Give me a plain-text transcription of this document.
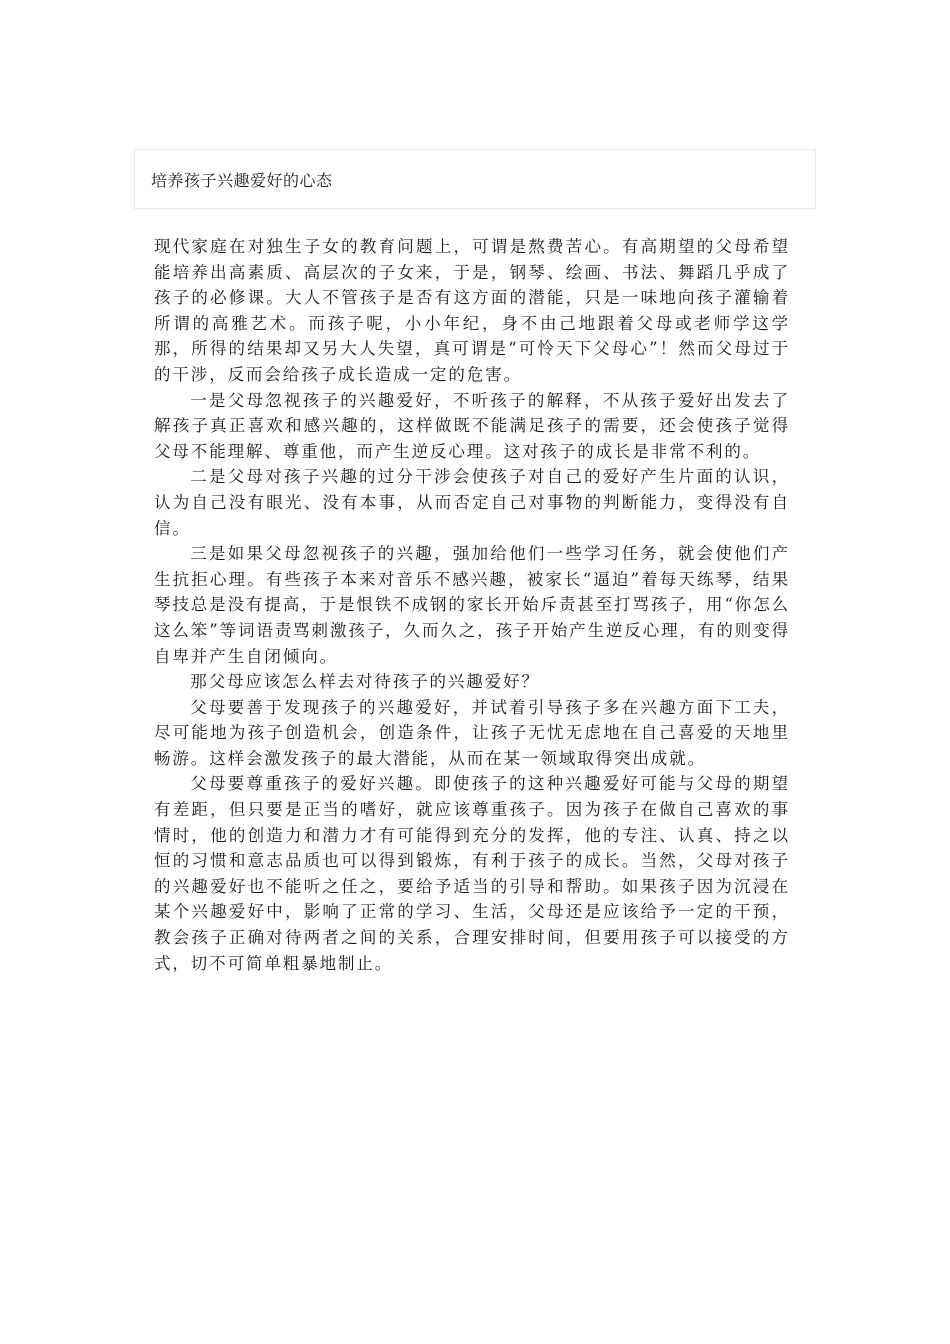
培养孩子兴趣爱好的心态

现代家庭在对独生子女的教育问题上，可谓是熬费苦心。有高期望的父母希望能培养出高素质、高层次的子女来，于是，钢琴、绘画、书法、舞蹈几乎成了孩子的必修课。大人不管孩子是否有这方面的潜能，只是一味地向孩子灌输着所谓的高雅艺术。而孩子呢，小小年纪，身不由己地跟着父母或老师学这学那，所得的结果却又另大人失望，真可谓是“可怜天下父母心”！然而父母过于的干涉，反而会给孩子成长造成一定的危害。

一是父母忽视孩子的兴趣爱好，不听孩子的解释，不从孩子爱好出发去了解孩子真正喜欢和感兴趣的，这样做既不能满足孩子的需要，还会使孩子觉得父母不能理解、尊重他，而产生逆反心理。这对孩子的成长是非常不利的。

二是父母对孩子兴趣的过分干涉会使孩子对自己的爱好产生片面的认识，认为自己没有眼光、没有本事，从而否定自己对事物的判断能力，变得没有自信。

三是如果父母忽视孩子的兴趣，强加给他们一些学习任务，就会使他们产生抗拒心理。有些孩子本来对音乐不感兴趣，被家长“逼迫”着每天练琴，结果琴技总是没有提高，于是恨铁不成钢的家长开始斥责甚至打骂孩子，用“你怎么这么笨”等词语责骂刺激孩子，久而久之，孩子开始产生逆反心理，有的则变得自卑并产生自闭倾向。

那父母应该怎么样去对待孩子的兴趣爱好？

父母要善于发现孩子的兴趣爱好，并试着引导孩子多在兴趣方面下工夫，尽可能地为孩子创造机会，创造条件，让孩子无忧无虑地在自己喜爱的天地里畅游。这样会激发孩子的最大潜能，从而在某一领域取得突出成就。

父母要尊重孩子的爱好兴趣。即使孩子的这种兴趣爱好可能与父母的期望有差距，但只要是正当的嗜好，就应该尊重孩子。因为孩子在做自己喜欢的事情时，他的创造力和潜力才有可能得到充分的发挥，他的专注、认真、持之以恒的习惯和意志品质也可以得到锻炼，有利于孩子的成长。当然，父母对孩子的兴趣爱好也不能听之任之，要给予适当的引导和帮助。如果孩子因为沉浸在某个兴趣爱好中，影响了正常的学习、生活，父母还是应该给予一定的干预，教会孩子正确对待两者之间的关系，合理安排时间，但要用孩子可以接受的方式，切不可简单粗暴地制止。
